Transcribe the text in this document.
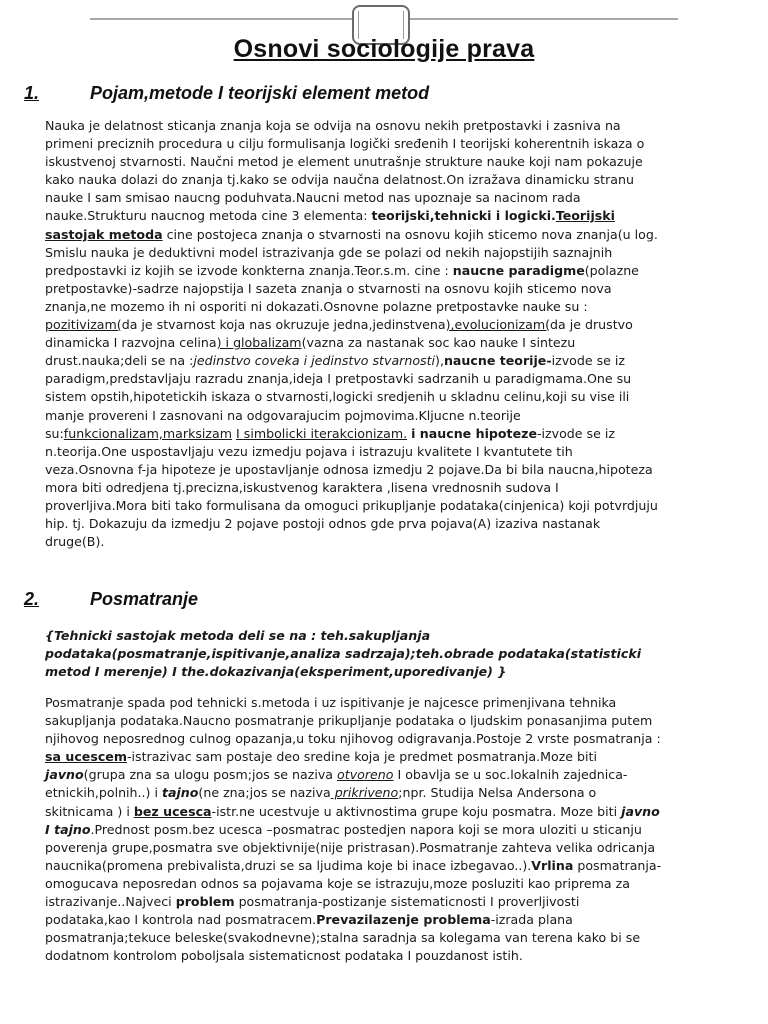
Osnovi sociologije prava
1.	Pojam,metode I teorijski element metod
Nauka je delatnost sticanja znanja koja se odvija na osnovu nekih pretpostavki i zasniva na
primeni preciznih procedura u cilju formulisanja logički sređenih I teorijski koherentnih iskaza o
iskustvenoj stvarnosti. Naučni metod je element unutrašnje strukture nauke koji nam pokazuje
kako nauka dolazi do znanja tj.kako se odvija naučna delatnost.On izražava dinamicku stranu
nauke I sam smisao naucng poduhvata.Naucni metod nas upoznaje sa nacinom rada
nauke.Strukturu naucnog metoda cine 3 elementa: teorijski,tehnicki i logicki.Teorijski
sastojak metoda cine postojeca znanja o stvarnosti na osnovu kojih sticemo nova znanja(u log.
Smislu nauka je deduktivni model istrazivanja gde se polazi od nekih najopstijih saznajnih
predpostavki iz kojih se izvode konkterna znanja.Teor.s.m. cine : naucne paradigme(polazne
pretpostavke)-sadrze najopstija I sazeta znanja o stvarnosti na osnovu kojih sticemo nova
znanja,ne mozemo ih ni osporiti ni dokazati.Osnovne polazne pretpostavke nauke su :
pozitivizam(da je stvarnost koja nas okruzuje jedna,jedinstvena),evolucionizam(da je drustvo
dinamicka I razvojna celina) i globalizam(vazna za nastanak soc kao nauke I sintezu
drust.nauka;deli se na :jedinstvo coveka i jedinstvo stvarnosti),naucne teorije-izvode se iz
paradigm,predstavljaju razradu znanja,ideja I pretpostavki sadrzanih u paradigmama.One su
sistem opstih,hipotetickih iskaza o stvarnosti,logicki sredjenih u skladnu celinu,koji su vise ili
manje provereni I zasnovani na odgovarajucim pojmovima.Kljucne n.teorije
su:funkcionalizam,marksizam I simbolicki iterakcionizam. i naucne hipoteze-izvode se iz
n.teorija.One uspostavljaju vezu izmedju pojava i istrazuju kvalitete I kvantutete tih
veza.Osnovna f-ja hipoteze je upostavljanje odnosa izmedju 2 pojave.Da bi bila naucna,hipoteza
mora biti odredjena tj.precizna,iskustvenog karaktera ,lisena vrednosnih sudova I
proverljiva.Mora biti tako formulisana da omoguci prikupljanje podataka(cinjenica) koji potvrdjuju
hip. tj. Dokazuju da izmedju 2 pojave postoji odnos gde prva pojava(A) izaziva nastanak
druge(B).
2.	Posmatranje
{Tehnicki sastojak metoda deli se na : teh.sakupljanja
podataka(posmatranje,ispitivanje,analiza sadrzaja);teh.obrade podataka(statisticki
metod I merenje) I the.dokazivanja(eksperiment,uporedivanje) }
Posmatranje spada pod tehnicki s.metoda i uz ispitivanje je najcesce primenjivana tehnika
sakupljanja podataka.Naucno posmatranje prikupljanje podataka o ljudskim ponasanjima putem
njihovog neposrednog culnog opazanja,u toku njihovog odigravanja.Postoje 2 vrste posmatranja :
sa ucescem-istrazivac sam postaje deo sredine koja je predmet posmatranja.Moze biti
javno(grupa zna sa ulogu posm;jos se naziva otvoreno I obavlja se u soc.lokalnih zajednica-
etnickih,polnih..) i tajno(ne zna;jos se naziva prikriveno;npr. Studija Nelsa Andersona o
skitnicama ) i bez ucesca-istr.ne ucestvuje u aktivnostima grupe koju posmatra. Moze biti javno
I tajno.Prednost posm.bez ucesca –posmatrac postedjen napora koji se mora uloziti u sticanju
poverenja grupe,posmatra sve objektivnije(nije pristrasan).Posmatranje zahteva velika odricanja
naucnika(promena prebivalista,druzi se sa ljudima koje bi inace izbegavao..).Vrlina posmatranja-
omogucava neposredan odnos sa pojavama koje se istrazuju,moze posluziti kao priprema za
istrazivanje..Najveci problem posmatranja-postizanje sistematicnosti I proverljivosti
podataka,kao I kontrola nad posmatracem.Prevazilazenje problema-izrada plana
posmatranja;tekuce beleske(svakodnevne);stalna saradnja sa kolegama van terena kako bi se
dodatnom kontrolom poboljsala sistematicnost podataka I pouzdanost istih.
